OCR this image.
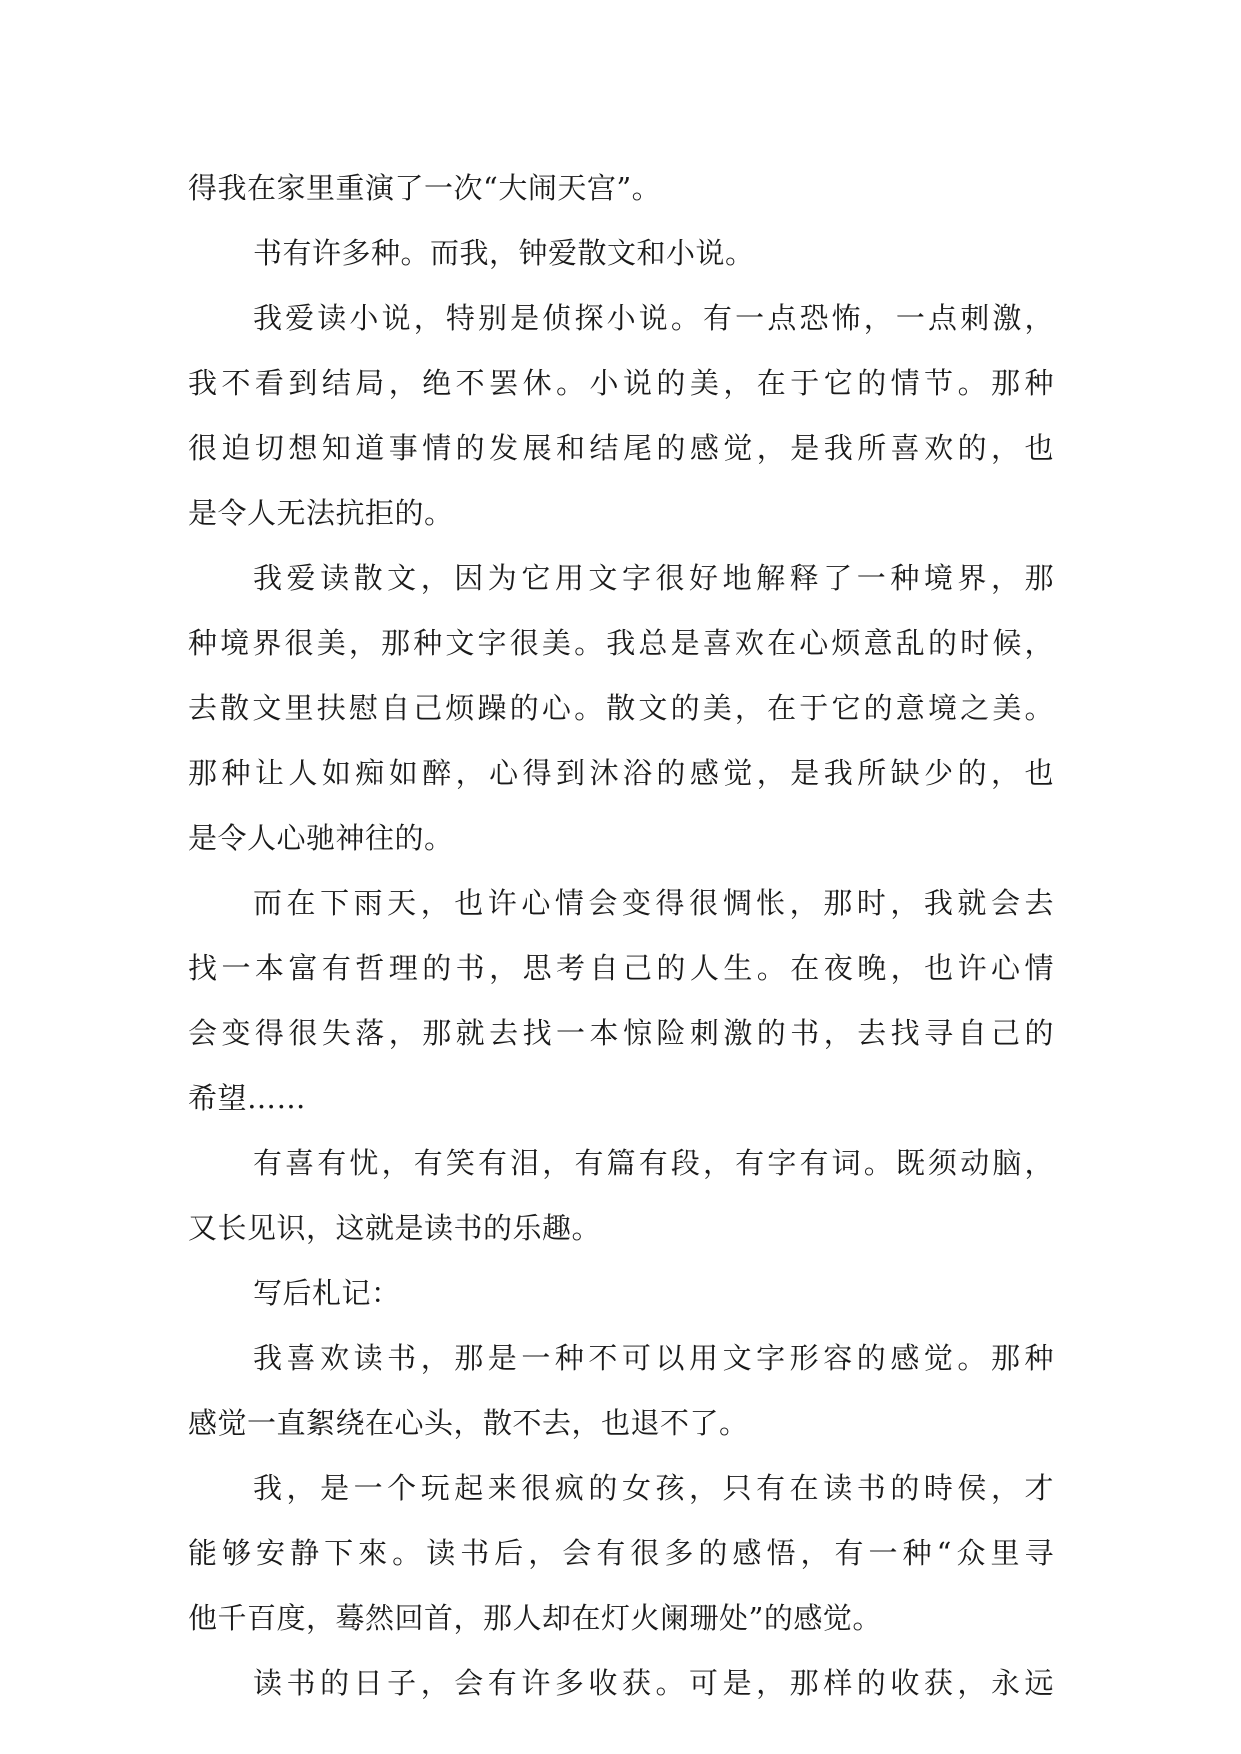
得我在家里重演了一次“大闹天宫”。
书有许多种。而我，钟爱散文和小说。
我爱读小说，特别是侦探小说。有一点恐怖，一点刺激，
我不看到结局，绝不罢休。小说的美，在于它的情节。那种
很迫切想知道事情的发展和结尾的感觉，是我所喜欢的，也
是令人无法抗拒的。
我爱读散文，因为它用文字很好地解释了一种境界，那
种境界很美，那种文字很美。我总是喜欢在心烦意乱的时候，
去散文里扶慰自己烦躁的心。散文的美，在于它的意境之美。
那种让人如痴如醉，心得到沐浴的感觉，是我所缺少的，也
是令人心驰神往的。
而在下雨天，也许心情会变得很惆怅，那时，我就会去
找一本富有哲理的书，思考自己的人生。在夜晚，也许心情
会变得很失落，那就去找一本惊险刺激的书，去找寻自己的
希望……
有喜有忧，有笑有泪，有篇有段，有字有词。既须动脑，
又长见识，这就是读书的乐趣。
写后札记：
我喜欢读书，那是一种不可以用文字形容的感觉。那种
感觉一直絮绕在心头，散不去，也退不了。
我，是一个玩起来很疯的女孩，只有在读书的時侯，才
能够安静下來。读书后，会有很多的感悟，有一种“众里寻
他千百度，蓦然回首，那人却在灯火阑珊处”的感觉。
读书的日子，会有许多收获。可是，那样的收获，永远
